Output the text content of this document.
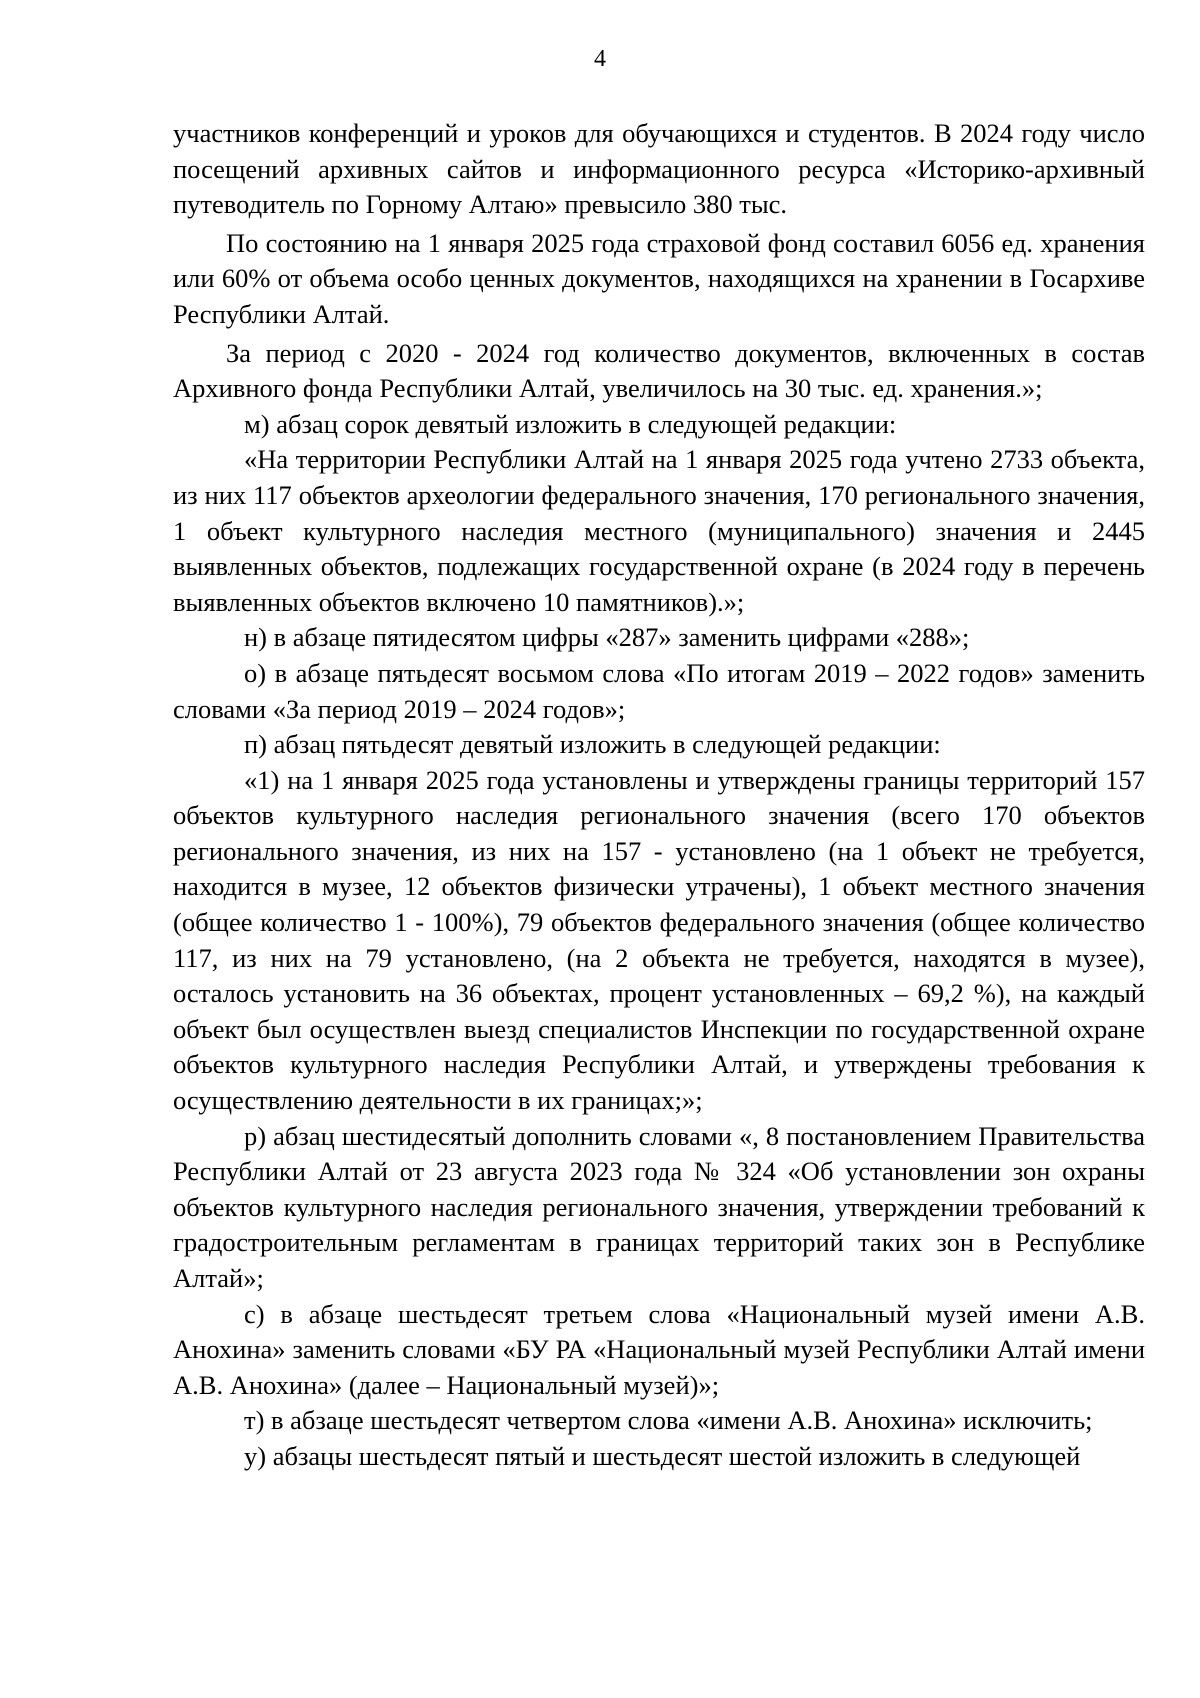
4

участников конференций и уроков для обучающихся и студентов. В 2024 году число посещений архивных сайтов и информационного ресурса «Историко-архивный путеводитель по Горному Алтаю» превысило 380 тыс.

По состоянию на 1 января 2025 года страховой фонд составил 6056 ед. хранения или 60% от объема особо ценных документов, находящихся на хранении в Госархиве Республики Алтай.

За период с 2020 - 2024 год количество документов, включенных в состав Архивного фонда Республики Алтай, увеличилось на 30 тыс. ед. хранения.»;

м) абзац сорок девятый изложить в следующей редакции:

«На территории Республики Алтай на 1 января 2025 года учтено 2733 объекта, из них 117 объектов археологии федерального значения, 170 регионального значения, 1 объект культурного наследия местного (муниципального) значения и 2445 выявленных объектов, подлежащих государственной охране (в 2024 году в перечень выявленных объектов включено 10 памятников).»;

н) в абзаце пятидесятом цифры «287» заменить цифрами «288»;

о) в абзаце пятьдесят восьмом слова «По итогам 2019 – 2022 годов» заменить словами «За период 2019 – 2024 годов»;

п) абзац пятьдесят девятый изложить в следующей редакции:

«1) на 1 января 2025 года установлены и утверждены границы территорий 157 объектов культурного наследия регионального значения (всего 170 объектов регионального значения, из них на 157 - установлено (на 1 объект не требуется, находится в музее, 12 объектов физически утрачены), 1 объект местного значения (общее количество 1 - 100%), 79 объектов федерального значения (общее количество 117, из них на 79 установлено, (на 2 объекта не требуется, находятся в музее), осталось установить на 36 объектах, процент установленных – 69,2 %), на каждый объект был осуществлен выезд специалистов Инспекции по государственной охране объектов культурного наследия Республики Алтай, и утверждены требования к осуществлению деятельности в их границах;»;

р) абзац шестидесятый дополнить словами «, 8 постановлением Правительства Республики Алтай от 23 августа 2023 года № 324 «Об установлении зон охраны объектов культурного наследия регионального значения, утверждении требований к градостроительным регламентам в границах территорий таких зон в Республике Алтай»;

с) в абзаце шестьдесят третьем слова «Национальный музей имени А.В. Анохина» заменить словами «БУ РА «Национальный музей Республики Алтай имени А.В. Анохина» (далее – Национальный музей)»;

т) в абзаце шестьдесят четвертом слова «имени А.В. Анохина» исключить;

у) абзацы шестьдесят пятый и шестьдесят шестой изложить в следующей
